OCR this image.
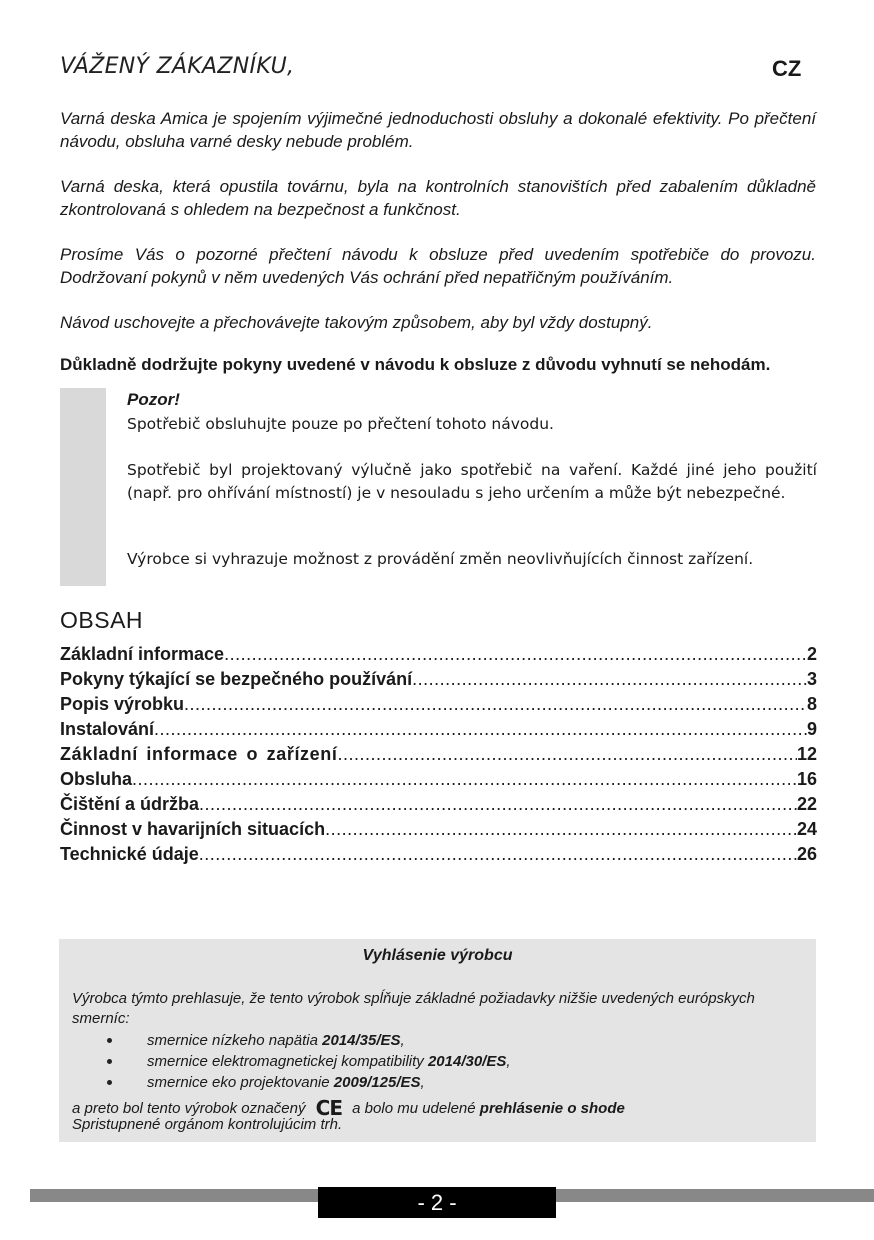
VÁŽENÝ ZÁKAZNÍKU,	CZ

Varná deska Amica je spojením výjimečné jednoduchosti obsluhy a dokonalé efektivity. Po přečtení návodu, obsluha varné desky nebude problém.

Varná deska, která opustila továrnu, byla na kontrolních stanovištích před zabalením důkladně zkontrolovaná s ohledem na bezpečnost a funkčnost.

Prosíme Vás o pozorné přečtení návodu k obsluze před uvedením spotřebiče do provozu. Dodržovaní pokynů v něm uvedených Vás ochrání před nepatřičným používáním.

Návod uschovejte a přechovávejte takovým způsobem, aby byl vždy dostupný.

Důkladně dodržujte pokyny uvedené v návodu k obsluze z důvodu vyhnutí se nehodám.
Pozor!

Spotřebič obsluhujte pouze po přečtení tohoto návodu.

Spotřebič byl projektovaný výlučně jako spotřebič na vaření. Každé jiné jeho použití (např. pro ohřívání místností) je v nesouladu s jeho určením a může být nebezpečné.

Výrobce si vyhrazuje možnost z provádění změn neovlivňujících činnost zařízení.

OBSAH
Základní informace .....	2
Pokyny týkající se bezpečného používání .....	3
Popis výrobku .....	8
Instalování .....	9
Základní informace o zařízení .....	12
Obsluha .....	16
Čištění a údržba .....	22
Činnost v havarijních situacích .....	24
Technické údaje .....	26
Vyhlásenie výrobcu

Výrobca týmto prehlasuje, že tento výrobok spĺňuje základné požiadavky nižšie uvedených európskych smerníc:

smernice nízkeho napätia
2014/35/ES ,
smernice elektromagnetickej kompatibility
2014/30/ES ,
smernice eko projektovanie
2009/125/ES ,
a preto bol tento výrobok označený CE a bolo mu udelené prehlásenie o shode
Spristupnené orgánom kontrolujúcim trh.
- 2 -
